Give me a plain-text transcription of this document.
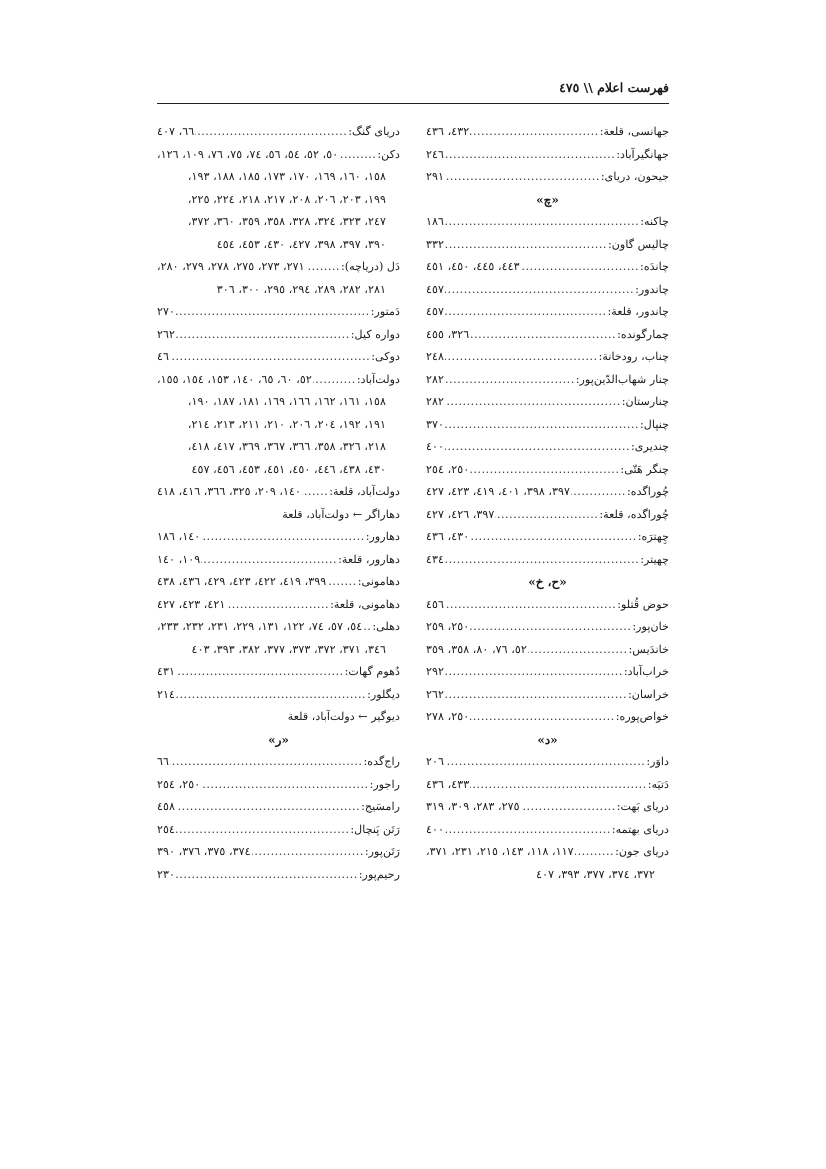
فهرست اعلام \\ ٤٧٥
جهانسی، قلعة:
.....
٤٣٢، ٤٣٦
جهانگیرآباد:
.....
٢٤٦
جیحون، دریای:
.....
٢٩١
«چ»
چاکنه:
.....
١٨٦
چالیس گاون:
.....
٣٣٢
چاندَه:
.....
٤٤٣، ٤٤٥، ٤٥٠، ٤٥١
چاندور:
.....
٤٥٧
چاندور، قلعة:
.....
٤٥٧
چمارگونده:
.....
٣٢٦، ٤٥٥
چناب، رودخانة:
.....
٢٤٨
چنار شهاب‌الدّین‌پور:
.....
٢٨٢
چنارستان:
.....
٢٨٢
چنپال:
.....
٣٧٠
چندیری:
.....
٤٠٠
چنگر هَتّی:
.....
٢٥٠، ٢٥٤
چُوراگده:
.....
٣٩٧، ٣٩٨، ٤٠١، ٤١٩، ٤٢٣، ٤٢٧
چُوراگده، قلعة:
.....
٣٩٧، ٤٢٦، ٤٢٧
چِهترَه:
.....
٤٣٠، ٤٣٦
چهیتر:
.....
٤٣٤
«ح، خ»
حوض قُتلو:
.....
٤٥٦
خان‌پور:
.....
٢٥٠، ٢٥٩
خاندَیس:
.....
٥٢، ٧٦، ٨٠، ٣٥٨، ٣٥٩
خراب‌آباد:
.....
٢٩٢
خراسان:
.....
٢٦٢
خواص‌پوره:
.....
٢٥٠، ٢٧٨
«د»
داوَر:
.....
٢٠٦
دَتیَه:
.....
٤٣٣، ٤٣٦
دریای بَهت:
.....
٢٧٥، ٢٨٣، ٣٠٩، ٣١٩
دریای بهتمه:
.....
٤٠٠
دریای جون:
.....
١١٧، ١١٨، ١٤٣، ٢١٥، ٢٣١، ٣٧١،
٣٧٢، ٣٧٤، ٣٧٧، ٣٩٣، ٤٠٧
دریای گنگ:
.....
٦٦، ٤٠٧
دکن:
.....
٥٠، ٥٢، ٥٤، ٥٦، ٧٤، ٧٥، ٧٦، ١٠٩، ١٢٦،
١٥٨، ١٦٠، ١٦٩، ١٧٠، ١٧٣، ١٨٥، ١٨٨، ١٩٣،
١٩٩، ٢٠٣، ٢٠٦، ٢٠٨، ٢١٧، ٢١٨، ٢٢٤، ٢٢٥،
٢٤٧، ٣٢٣، ٣٢٤، ٣٢٨، ٣٥٨، ٣٥٩، ٣٦٠، ٣٧٢،
٣٩٠، ٣٩٧، ٣٩٨، ٤٢٧، ٤٣٠، ٤٥٣، ٤٥٤
دَل (دریاچه):
.....
٢٧١، ٢٧٣، ٢٧٥، ٢٧٨، ٢٧٩، ٢٨٠،
٢٨١، ٢٨٢، ٢٨٩، ٢٩٤، ٢٩٥، ٣٠٠، ٣٠٦
دَمتور:
.....
٢٧٠
دواره کیل:
.....
٢٦٢
دوکی:
.....
٤٦
دولت‌آباد:
.....
٥٢، ٦٠، ٦٥، ١٤٠، ١٥٣، ١٥٤، ١٥٥،
١٥٨، ١٦١، ١٦٢، ١٦٦، ١٦٩، ١٨١، ١٨٧، ١٩٠،
١٩١، ١٩٢، ٢٠٤، ٢٠٦، ٢١٠، ٢١١، ٢١٣، ٢١٤،
٢١٨، ٣٢٦، ٣٥٨، ٣٦٦، ٣٦٧، ٣٦٩، ٤١٧، ٤١٨،
٤٣٠، ٤٣٨، ٤٤٦، ٤٥٠، ٤٥١، ٤٥٣، ٤٥٦، ٤٥٧
دولت‌آباد، قلعة:
.....
١٤٠، ٢٠٩، ٣٢٥، ٣٦٦، ٤١٦، ٤١٨
دهاراگر ← دولت‌آباد، قلعة
دهارور:
.....
١٤٠، ١٨٦
دهارور، قلعة:
.....
١٠٩، ١٤٠
دهامونی:
.....
٣٩٩، ٤١٩، ٤٢٢، ٤٢٣، ٤٢٩، ٤٣٦، ٤٣٨
دهامونی، قلعة:
.....
٤٢١، ٤٢٣، ٤٢٧
دهلی:
.....
٥٤، ٥٧، ٧٤، ١٢٢، ١٣١، ٢٢٩، ٢٣١، ٢٣٢، ٢٣٣،
٣٤٦، ٣٧١، ٣٧٢، ٣٧٣، ٣٧٧، ٣٨٢، ٣٩٣، ٤٠٣
دُهوم گهات:
.....
٤٣١
دیگلور:
.....
٢١٤
دیوگیر ← دولت‌آباد، قلعة
«ر»
راج‌گده:
.....
٦٦
راجور:
.....
٢٥٠، ٢٥٤
رامسَیج:
.....
٤٥٨
رَتَن پَنچال:
.....
٢٥٤
رَتَن‌پور:
.....
٣٧٤، ٣٧٥، ٣٧٦، ٣٩٠
رحیم‌پور:
.....
٢٣٠
